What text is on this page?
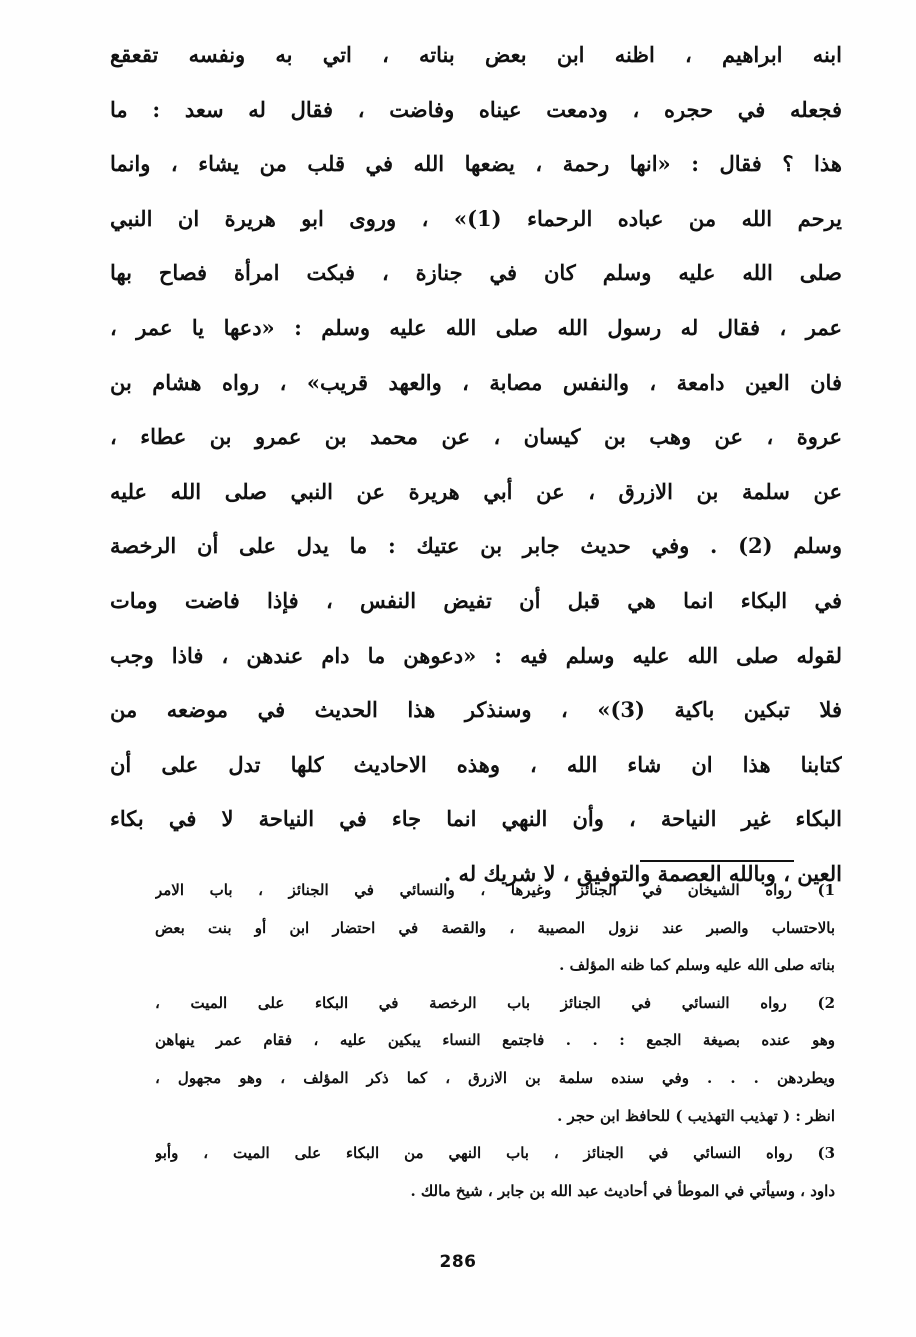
ابنه ابراهيم ، اظنه ابن بعض بناته ، اتي به ونفسه تقعقع
فجعله في حجره ، ودمعت عيناه وفاضت ، فقال له سعد : ما
هذا ؟ فقال : «انها رحمة ، يضعها الله في قلب من يشاء ، وانما
يرحم الله من عباده الرحماء (1)» ، وروى ابو هريرة ان النبي
صلى الله عليه وسلم كان في جنازة ، فبكت امرأة فصاح بها
عمر ، فقال له رسول الله صلى الله عليه وسلم : «دعها يا عمر ،
فان العين دامعة ، والنفس مصابة ، والعهد قريب» ، رواه هشام بن
عروة ، عن وهب بن كيسان ، عن محمد بن عمرو بن عطاء ،
عن سلمة بن الازرق ، عن أبي هريرة عن النبي صلى الله عليه
وسلم (2) . وفي حديث جابر بن عتيك : ما يدل على أن الرخصة
في البكاء انما هي قبل أن تفيض النفس ، فإذا فاضت ومات
لقوله صلى الله عليه وسلم فيه : «دعوهن ما دام عندهن ، فاذا وجب
فلا تبكين باكية (3)» ، وسنذكر هذا الحديث في موضعه من
كتابنا هذا ان شاء الله ، وهذه الاحاديث كلها تدل على أن
البكاء غير النياحة ، وأن النهي انما جاء في النياحة لا في بكاء
العين ، وبالله العصمة والتوفيق ، لا شريك له .
1) رواه الشيخان في الجنائز وغيرها ، والنسائي في الجنائز ، باب الامر
بالاحتساب والصبر عند نزول المصيبة ، والقصة في احتضار ابن أو بنت بعض
بناته صلى الله عليه وسلم كما ظنه المؤلف .
2) رواه النسائي في الجنائز باب الرخصة في البكاء على الميت ،
وهو عنده بصيغة الجمع : . . فاجتمع النساء يبكين عليه ، فقام عمر ينهاهن
ويطردهن . . . وفي سنده سلمة بن الازرق ، كما ذكر المؤلف ، وهو مجهول ،
انظر : ( تهذيب التهذيب ) للحافظ ابن حجر .
3) رواه النسائي في الجنائز ، باب النهي من البكاء على الميت ، وأبو
داود ، وسيأتي في الموطأ في أحاديث عبد الله بن جابر ، شيخ مالك .
286
